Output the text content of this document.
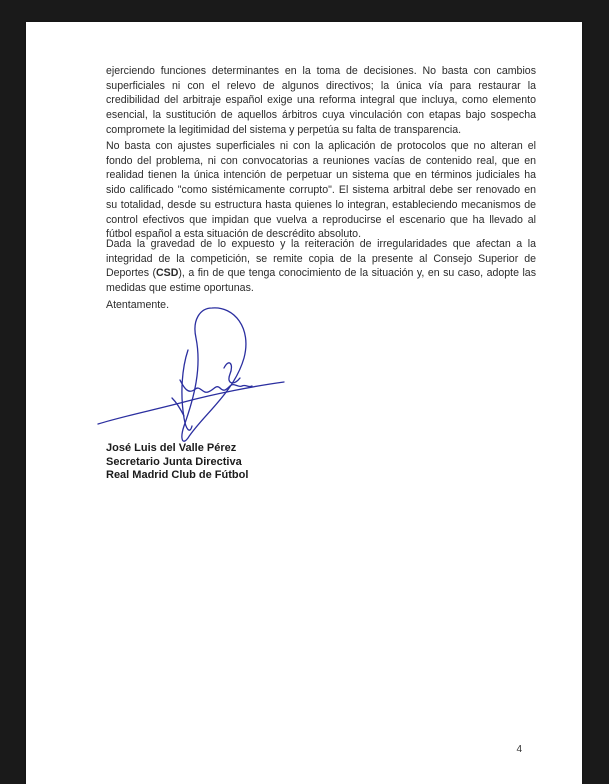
ejerciendo funciones determinantes en la toma de decisiones. No basta con cambios superficiales ni con el relevo de algunos directivos; la única vía para restaurar la credibilidad del arbitraje español exige una reforma integral que incluya, como elemento esencial, la sustitución de aquellos árbitros cuya vinculación con etapas bajo sospecha compromete la legitimidad del sistema y perpetúa su falta de transparencia.
No basta con ajustes superficiales ni con la aplicación de protocolos que no alteran el fondo del problema, ni con convocatorias a reuniones vacías de contenido real, que en realidad tienen la única intención de perpetuar un sistema que en términos judiciales ha sido calificado "como sistémicamente corrupto". El sistema arbitral debe ser renovado en su totalidad, desde su estructura hasta quienes lo integran, estableciendo mecanismos de control efectivos que impidan que vuelva a reproducirse el escenario que ha llevado al fútbol español a esta situación de descrédito absoluto.
Dada la gravedad de lo expuesto y la reiteración de irregularidades que afectan a la integridad de la competición, se remite copia de la presente al Consejo Superior de Deportes (CSD), a fin de que tenga conocimiento de la situación y, en su caso, adopte las medidas que estime oportunas.
Atentamente.
José Luis del Valle Pérez
Secretario Junta Directiva
Real Madrid Club de Fútbol
4
